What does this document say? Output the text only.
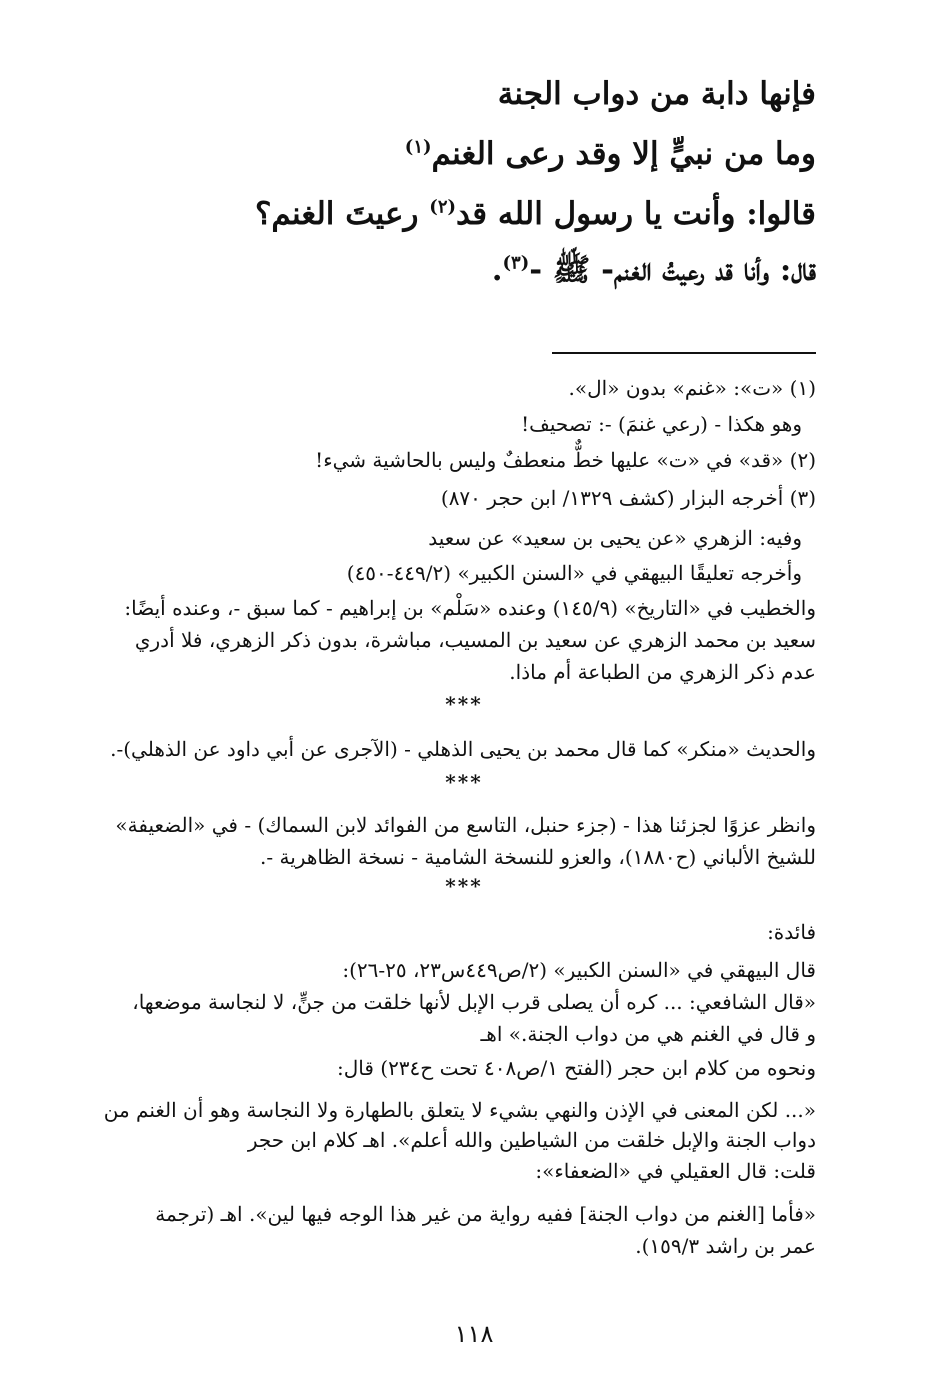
فإنها دابة من دواب الجنة
وما من نبيٍّ إلا وقد رعى الغنم$^{(١)}$
قالوا: وأنت يا رسول الله قد$^{(٢)}$ رعيتَ الغنم؟
قال: وأنا قد رعيتُ الغنم- ﷺ -$^{(٣)}$.
(١) «ت»: «غنم» بدون «ال».
وهو هكذا - (رعي غنمَ) -: تصحيف!
(٢) «قد» في «ت» عليها خطٌّ منعطفٌ وليس بالحاشية شيء!
(٣) أخرجه البزار (كشف ١٣٢٩/ ابن حجر ٨٧٠)
وفيه: الزهري «عن يحيى بن سعيد» عن سعيد
وأخرجه تعليقًا البيهقي في «السنن الكبير» (٤٤٩/٢-٤٥٠)
والخطيب في «التاريخ» (١٤٥/٩) وعنده «سَلْم» بن إبراهيم - كما سبق -، وعنده أيضًا:
سعيد بن محمد الزهري عن سعيد بن المسيب، مباشرة، بدون ذكر الزهري، فلا أدري
عدم ذكر الزهري من الطباعة أم ماذا.
***
والحديث «منكر» كما قال محمد بن يحيى الذهلي - (الآجرى عن أبي داود عن الذهلي)-.
***
وانظر عزوًا لجزئنا هذا - (جزء حنبل، التاسع من الفوائد لابن السماك) - في «الضعيفة»
للشيخ الألباني (ح١٨٨٠)، والعزو للنسخة الشامية - نسخة الظاهرية -.
***
فائدة:
قال البيهقي في «السنن الكبير» (٢/ص٤٤٩س٢٣، ٢٥-٢٦):
«قال الشافعي: ... كره أن يصلى قرب الإبل لأنها خلقت من جنٍّ، لا لنجاسة موضعها،
و قال في الغنم هي من دواب الجنة.» اهـ
ونحوه من كلام ابن حجر (الفتح ١/ص٤٠٨ تحت ح٢٣٤) قال:
«... لكن المعنى في الإذن والنهي بشيء لا يتعلق بالطهارة ولا النجاسة وهو أن الغنم من
دواب الجنة والإبل خلقت من الشياطين والله أعلم». اهـ كلام ابن حجر
قلت: قال العقيلي في «الضعفاء»:
«فأما [الغنم من دواب الجنة] ففيه رواية من غير هذا الوجه فيها لين». اهـ (ترجمة
عمر بن راشد ١٥٩/٣).
١١٨
